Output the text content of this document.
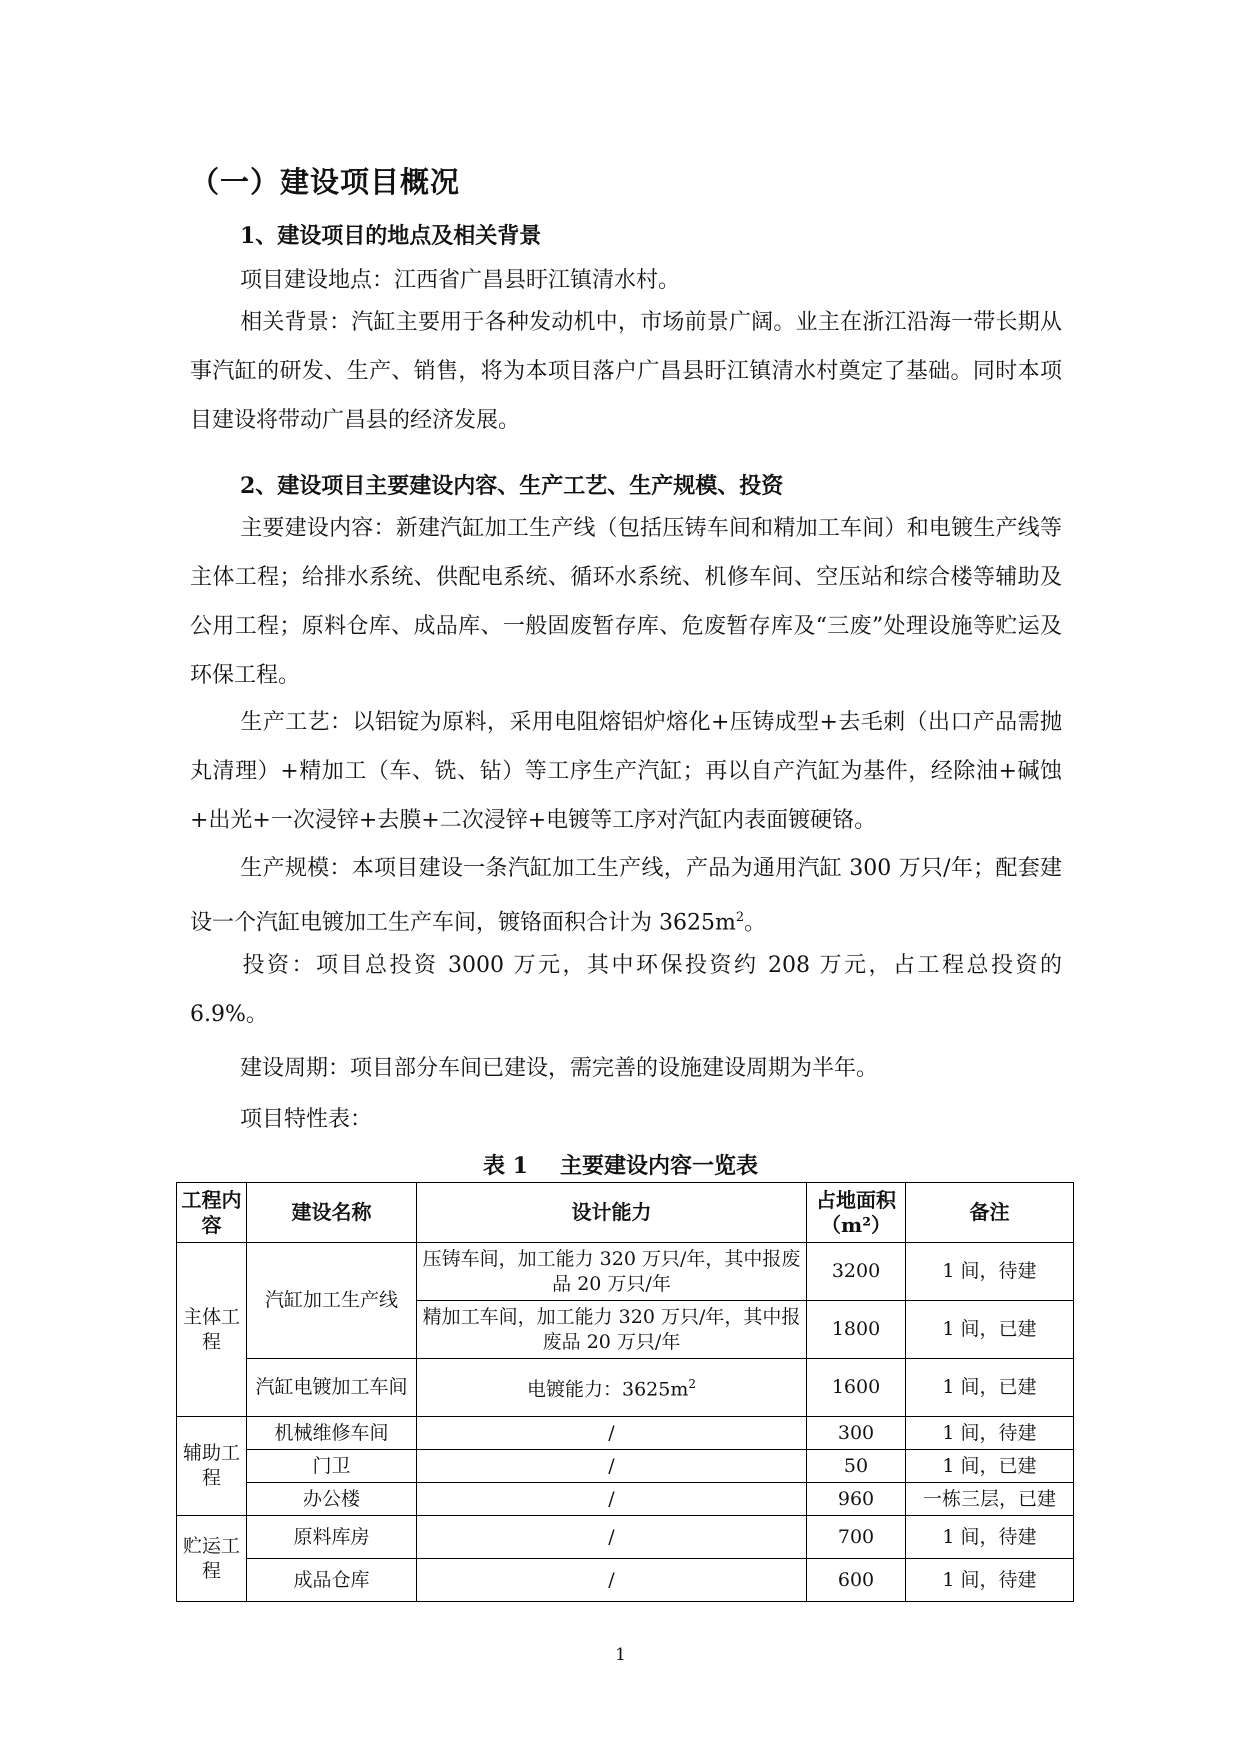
（一）建设项目概况
1、建设项目的地点及相关背景
项目建设地点：江西省广昌县盱江镇清水村。
相关背景：汽缸主要用于各种发动机中，市场前景广阔。业主在浙江沿海一带长期从事汽缸的研发、生产、销售，将为本项目落户广昌县盱江镇清水村奠定了基础。同时本项目建设将带动广昌县的经济发展。
2、建设项目主要建设内容、生产工艺、生产规模、投资
主要建设内容：新建汽缸加工生产线（包括压铸车间和精加工车间）和电镀生产线等主体工程；给排水系统、供配电系统、循环水系统、机修车间、空压站和综合楼等辅助及公用工程；原料仓库、成品库、一般固废暂存库、危废暂存库及“三废”处理设施等贮运及环保工程。
生产工艺：以铝锭为原料，采用电阻熔铝炉熔化+压铸成型+去毛刺（出口产品需抛丸清理）+精加工（车、铣、钻）等工序生产汽缸；再以自产汽缸为基件，经除油+碱蚀+出光+一次浸锌+去膜+二次浸锌+电镀等工序对汽缸内表面镀硬铬。
生产规模：本项目建设一条汽缸加工生产线，产品为通用汽缸 300 万只/年；配套建设一个汽缸电镀加工生产车间，镀铬面积合计为 $3625m^2$。
投资：项目总投资 3000 万元，其中环保投资约 208 万元，占工程总投资的 6.9%。
建设周期：项目部分车间已建设，需完善的设施建设周期为半年。
项目特性表：
表 1 主要建设内容一览表
工程内容	建设名称	设计能力	占地面积（m²）	备注
主体工程	汽缸加工生产线	压铸车间，加工能力 320 万只/年，其中报废品 20 万只/年	3200	1 间，待建
		精加工车间，加工能力 320 万只/年，其中报废品 20 万只/年	1800	1 间，已建
	汽缸电镀加工车间	电镀能力：$3625m^2$	1600	1 间，已建
辅助工程	机械维修车间	/	300	1 间，待建
	门卫	/	50	1 间，已建
	办公楼	/	960	一栋三层，已建
贮运工程	原料库房	/	700	1 间，待建
	成品仓库	/	600	1 间，待建
1
